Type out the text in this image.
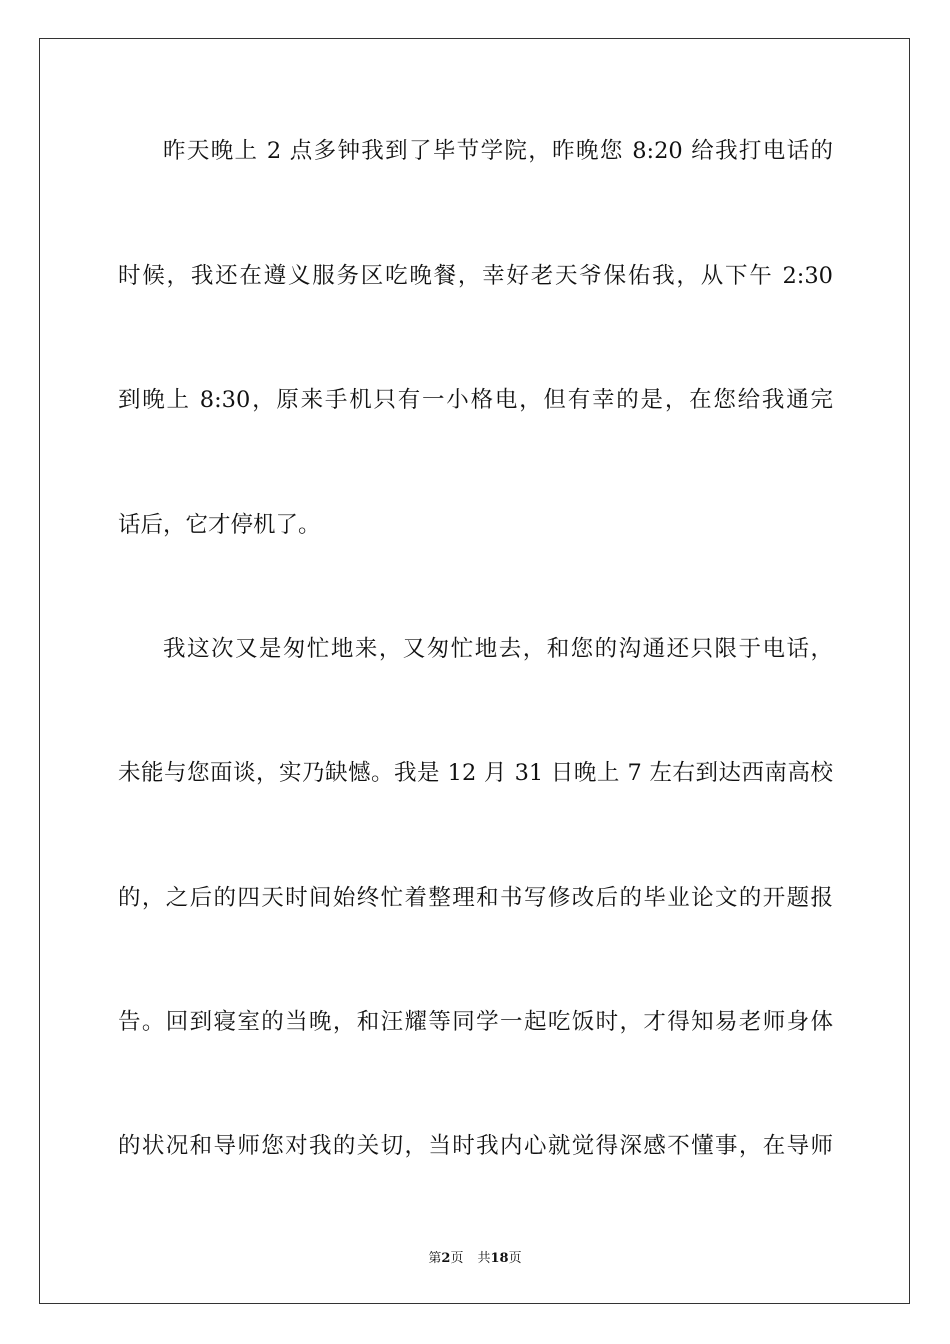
昨天晚上 2 点多钟我到了毕节学院，昨晚您 8:20 给我打电话的
时候，我还在遵义服务区吃晚餐，幸好老天爷保佑我，从下午 2:30
到晚上 8:30，原来手机只有一小格电，但有幸的是，在您给我通完
话后，它才停机了。
我这次又是匆忙地来，又匆忙地去，和您的沟通还只限于电话，
未能与您面谈，实乃缺憾。我是 12 月 31 日晚上 7 左右到达西南高校
的，之后的四天时间始终忙着整理和书写修改后的毕业论文的开题报
告。回到寝室的当晚，和汪耀等同学一起吃饭时，才得知易老师身体
的状况和导师您对我的关切，当时我内心就觉得深感不懂事，在导师
第2页 共18页
